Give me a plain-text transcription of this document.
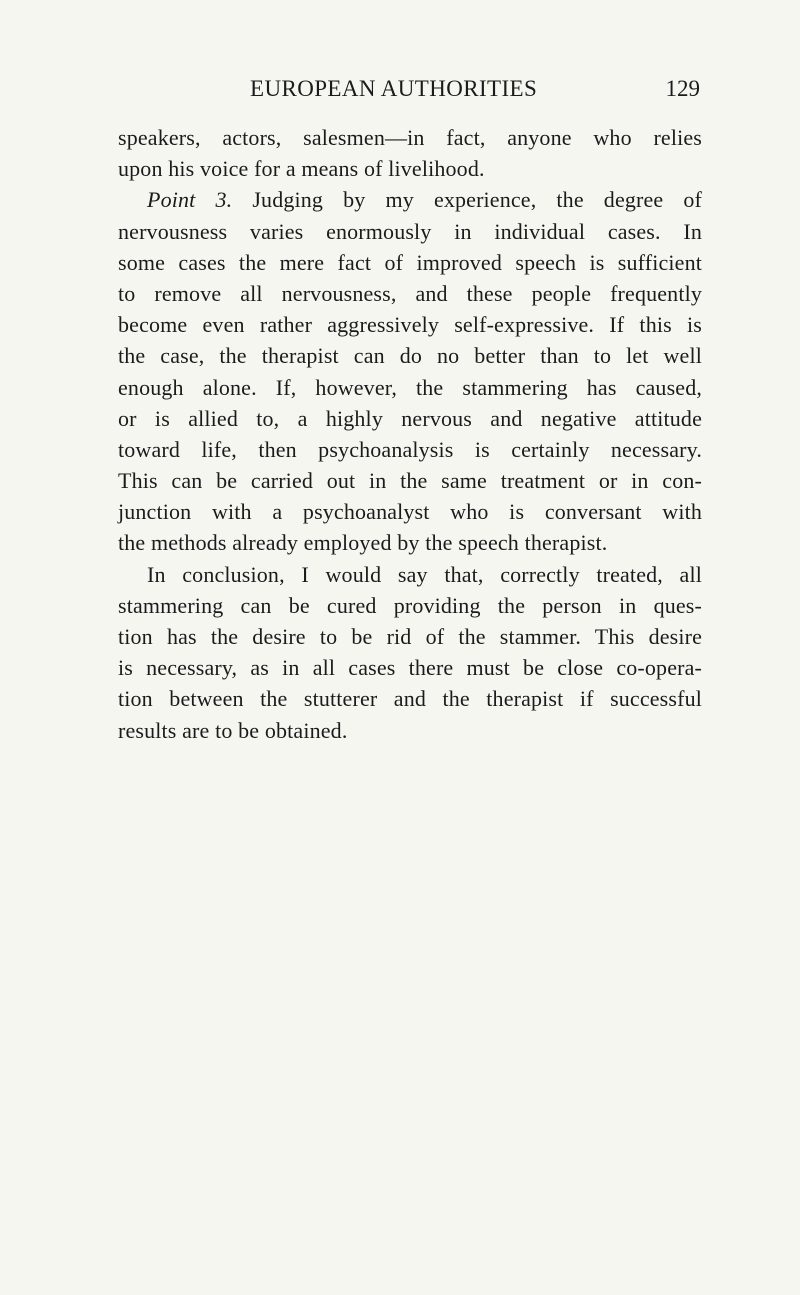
EUROPEAN AUTHORITIES	129
speakers, actors, salesmen—in fact, anyone who relies
upon his voice for a means of livelihood.
Point 3. Judging by my experience, the degree of
nervousness varies enormously in individual cases. In
some cases the mere fact of improved speech is sufficient
to remove all nervousness, and these people frequently
become even rather aggressively self-expressive. If this is
the case, the therapist can do no better than to let well
enough alone. If, however, the stammering has caused,
or is allied to, a highly nervous and negative attitude
toward life, then psychoanalysis is certainly necessary.
This can be carried out in the same treatment or in con-
junction with a psychoanalyst who is conversant with
the methods already employed by the speech therapist.
In conclusion, I would say that, correctly treated, all
stammering can be cured providing the person in ques-
tion has the desire to be rid of the stammer. This desire
is necessary, as in all cases there must be close co-opera-
tion between the stutterer and the therapist if successful
results are to be obtained.
